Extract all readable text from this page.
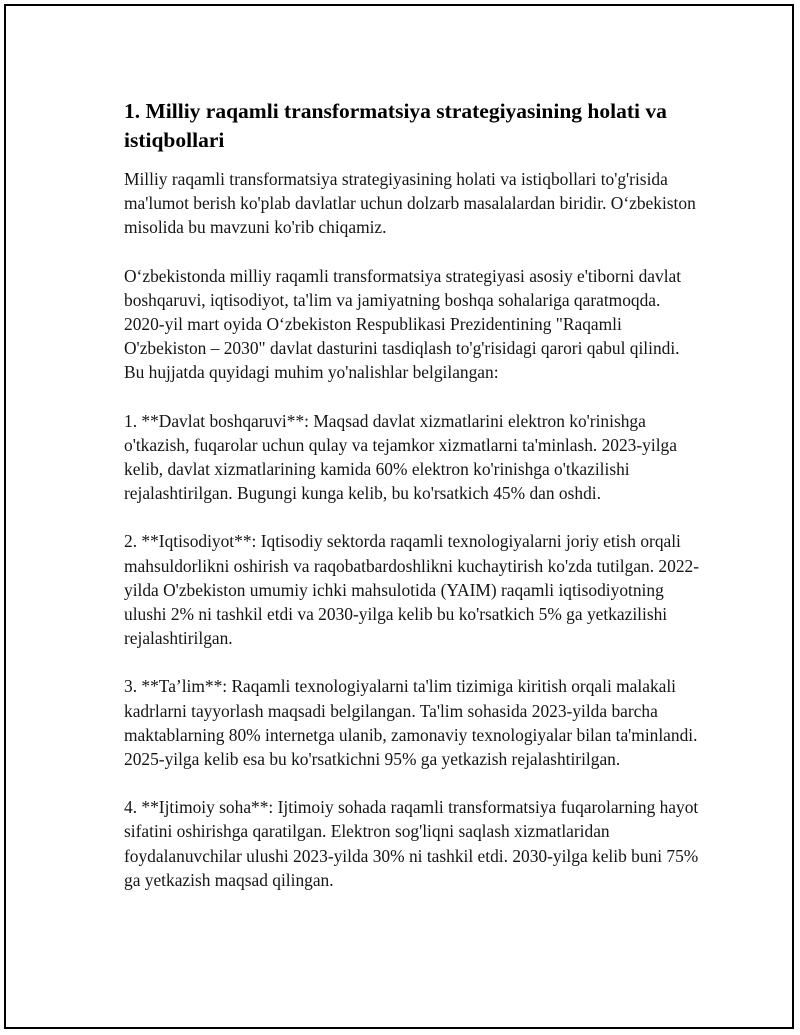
1. Milliy raqamli transformatsiya strategiyasining holati va istiqbollari

Milliy raqamli transformatsiya strategiyasining holati va istiqbollari to'g'risida ma'lumot berish ko'plab davlatlar uchun dolzarb masalalardan biridir. O‘zbekiston misolida bu mavzuni ko'rib chiqamiz.

O‘zbekistonda milliy raqamli transformatsiya strategiyasi asosiy e'tiborni davlat boshqaruvi, iqtisodiyot, ta'lim va jamiyatning boshqa sohalariga qaratmoqda. 2020-yil mart oyida O‘zbekiston Respublikasi Prezidentining "Raqamli O'zbekiston – 2030" davlat dasturini tasdiqlash to'g'risidagi qarori qabul qilindi. Bu hujjatda quyidagi muhim yo'nalishlar belgilangan:

1. **Davlat boshqaruvi**: Maqsad davlat xizmatlarini elektron ko'rinishga o'tkazish, fuqarolar uchun qulay va tejamkor xizmatlarni ta'minlash. 2023-yilga kelib, davlat xizmatlarining kamida 60% elektron ko'rinishga o'tkazilishi rejalashtirilgan. Bugungi kunga kelib, bu ko'rsatkich 45% dan oshdi.

2. **Iqtisodiyot**: Iqtisodiy sektorda raqamli texnologiyalarni joriy etish orqali mahsuldorlikni oshirish va raqobatbardoshlikni kuchaytirish ko'zda tutilgan. 2022-yilda O'zbekiston umumiy ichki mahsulotida (YAIM) raqamli iqtisodiyotning ulushi 2% ni tashkil etdi va 2030-yilga kelib bu ko'rsatkich 5% ga yetkazilishi rejalashtirilgan.

3. **Ta’lim**: Raqamli texnologiyalarni ta'lim tizimiga kiritish orqali malakali kadrlarni tayyorlash maqsadi belgilangan. Ta'lim sohasida 2023-yilda barcha maktablarning 80% internetga ulanib, zamonaviy texnologiyalar bilan ta'minlandi. 2025-yilga kelib esa bu ko'rsatkichni 95% ga yetkazish rejalashtirilgan.

4. **Ijtimoiy soha**: Ijtimoiy sohada raqamli transformatsiya fuqarolarning hayot sifatini oshirishga qaratilgan. Elektron sog'liqni saqlash xizmatlaridan foydalanuvchilar ulushi 2023-yilda 30% ni tashkil etdi. 2030-yilga kelib buni 75% ga yetkazish maqsad qilingan.
